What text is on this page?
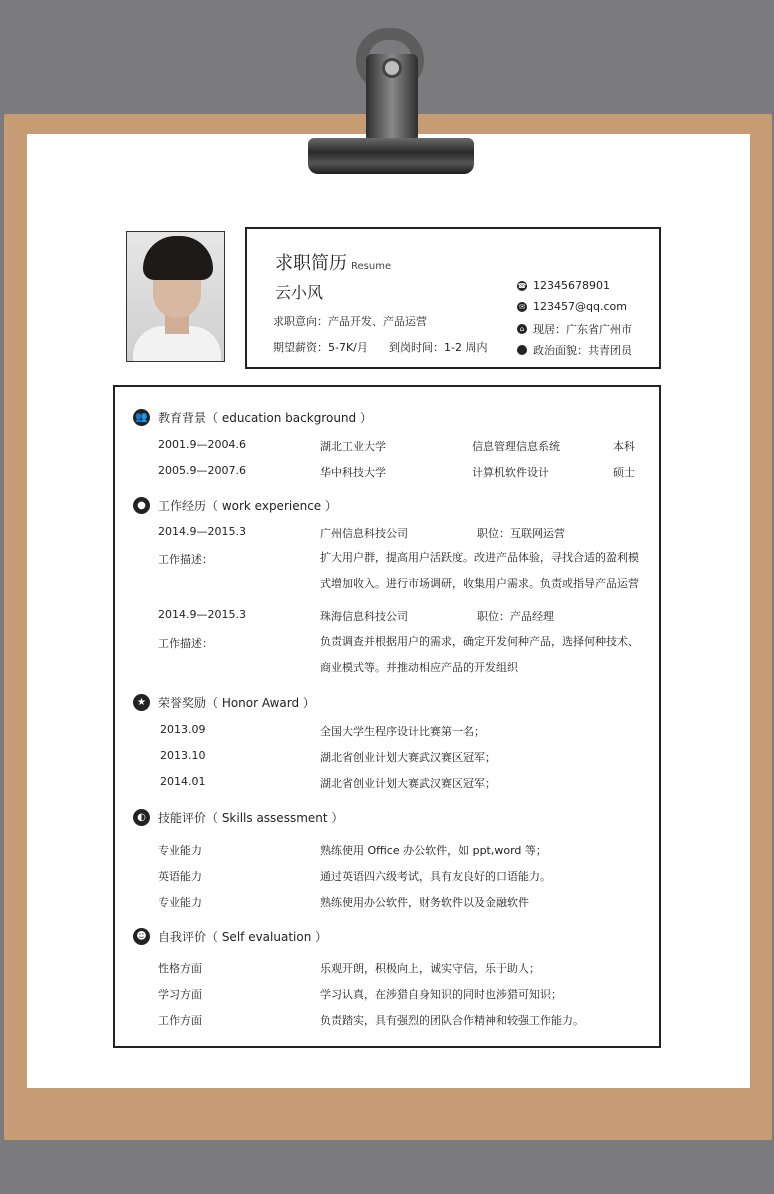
求职简历 Resume
云小风
求职意向：产品开发、产品运营
期望薪资：5-7K/月 到岗时间：1-2 周内
☎ 12345678901
✉ 123457@qq.com
⌂ 现居：广东省广州市
政治面貌：共青团员
👥 教育背景（ education background ）
2001.9—2004.6	湖北工业大学	信息管理信息系统	本科
2005.9—2007.6	华中科技大学	计算机软件设计	硕士
●	工作经历（ work experience ）
2014.9—2015.3	广州信息科技公司	职位：互联网运营
工作描述：	扩大用户群，提高用户活跃度。改进产品体验，寻找合适的盈利模式增加收入。进行市场调研，收集用户需求。负责或指导产品运营
2014.9—2015.3	珠海信息科技公司	职位：产品经理
工作描述：	负责调查并根据用户的需求，确定开发何种产品，选择何种技术、商业模式等。并推动相应产品的开发组织
★	荣誉奖励（ Honor Award ）
2013.09	全国大学生程序设计比赛第一名；
2013.10	湖北省创业计划大赛武汉赛区冠军；
2014.01	湖北省创业计划大赛武汉赛区冠军；
◐	技能评价（ Skills assessment ）
专业能力	熟练使用 Office 办公软件，如 ppt,word 等；
英语能力	通过英语四六级考试，具有友良好的口语能力。
专业能力	熟练使用办公软件，财务软件以及金融软件
☻ 自我评价（ Self evaluation ）
性格方面	乐观开朗，积极向上，诚实守信，乐于助人；
学习方面	学习认真，在涉猎自身知识的同时也涉猎可知识；
工作方面	负责踏实，具有强烈的团队合作精神和较强工作能力。
